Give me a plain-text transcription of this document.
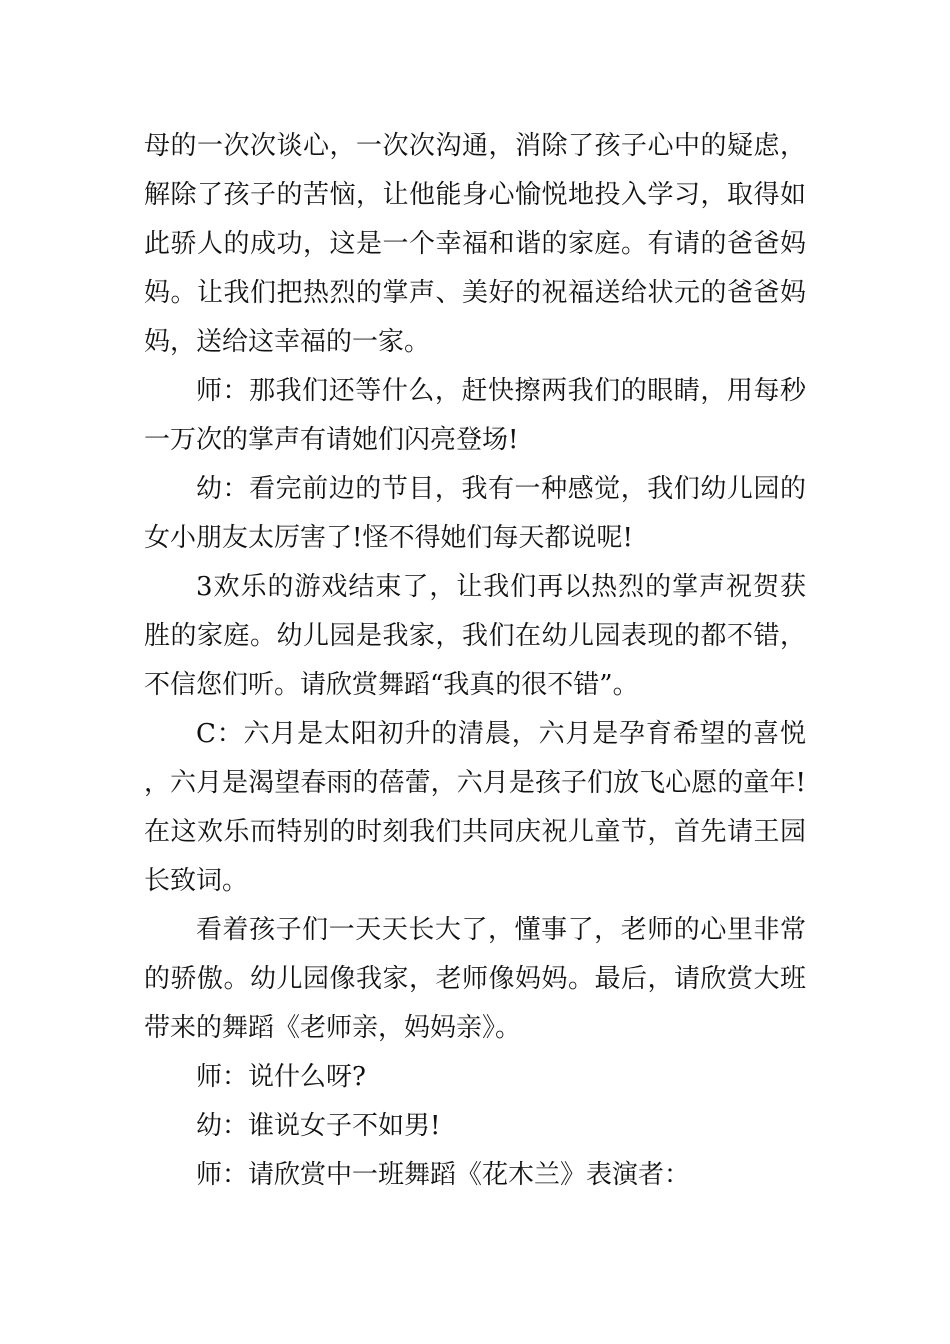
母的一次次谈心，一次次沟通，消除了孩子心中的疑虑，解除了孩子的苦恼，让他能身心愉悦地投入学习，取得如此骄人的成功，这是一个幸福和谐的家庭。有请的爸爸妈妈。让我们把热烈的掌声、美好的祝福送给状元的爸爸妈妈，送给这幸福的一家。

师：那我们还等什么，赶快擦两我们的眼睛，用每秒一万次的掌声有请她们闪亮登场!

幼：看完前边的节目，我有一种感觉，我们幼儿园的女小朋友太厉害了!怪不得她们每天都说呢!

3欢乐的游戏结束了，让我们再以热烈的掌声祝贺获胜的家庭。幼儿园是我家，我们在幼儿园表现的都不错，不信您们听。请欣赏舞蹈“我真的很不错”。

C：六月是太阳初升的清晨，六月是孕育希望的喜悦，六月是渴望春雨的蓓蕾，六月是孩子们放飞心愿的童年!在这欢乐而特别的时刻我们共同庆祝儿童节，首先请王园长致词。

看着孩子们一天天长大了，懂事了，老师的心里非常的骄傲。幼儿园像我家，老师像妈妈。最后，请欣赏大班带来的舞蹈《老师亲，妈妈亲》。

师：说什么呀?

幼：谁说女子不如男!

师：请欣赏中一班舞蹈《花木兰》表演者：
